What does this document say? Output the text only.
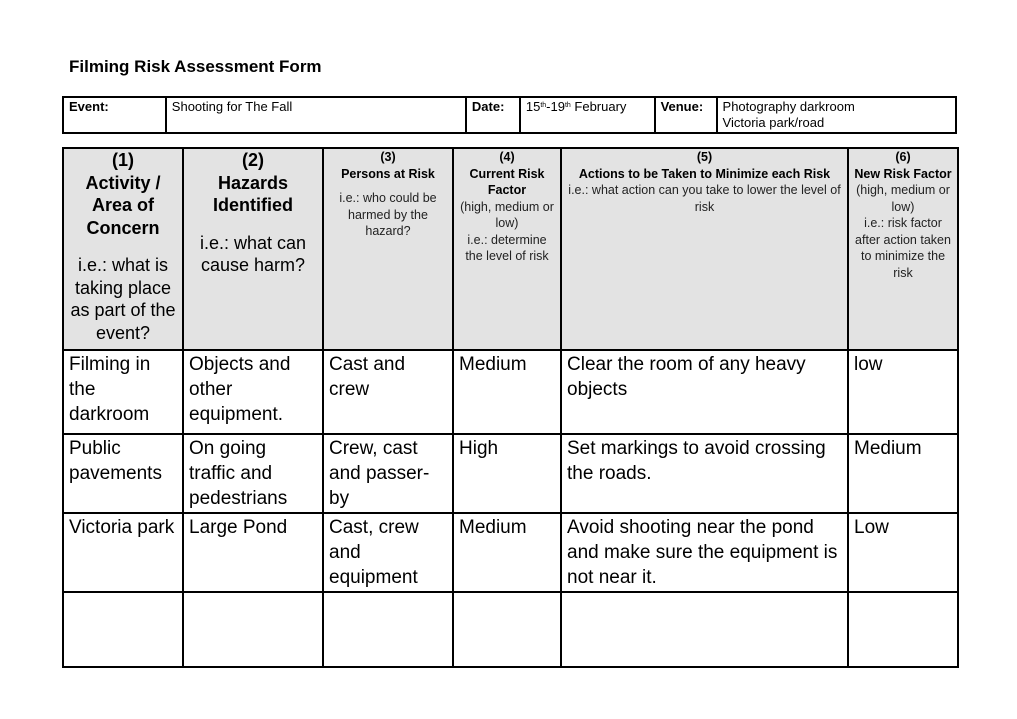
Filming Risk Assessment Form
Event:	Shooting for The Fall	Date:	15th-19th February	Venue:	Photography darkroom
Victoria park/road
(1)
Activity / Area of Concern
i.e.: what is taking place as part of the event?	(2)
Hazards Identified
i.e.: what can cause harm?	(3)
Persons at Risk
i.e.: who could be harmed by the hazard?	(4)
Current Risk Factor
(high, medium or low)
i.e.: determine the level of risk	(5)
Actions to be Taken to Minimize each Risk
i.e.: what action can you take to lower the level of risk	(6)
New Risk Factor
(high, medium or low)
i.e.: risk factor after action taken to minimize the risk

Filming in the darkroom	Objects and other equipment.	Cast and crew	Medium	Clear the room of any heavy objects	low
Public pavements	On going traffic and pedestrians	Crew, cast and passer-by	High	Set markings to avoid crossing the roads.	Medium
Victoria park	Large Pond	Cast, crew and equipment	Medium	Avoid shooting near the pond and make sure the equipment is not near it.	Low
